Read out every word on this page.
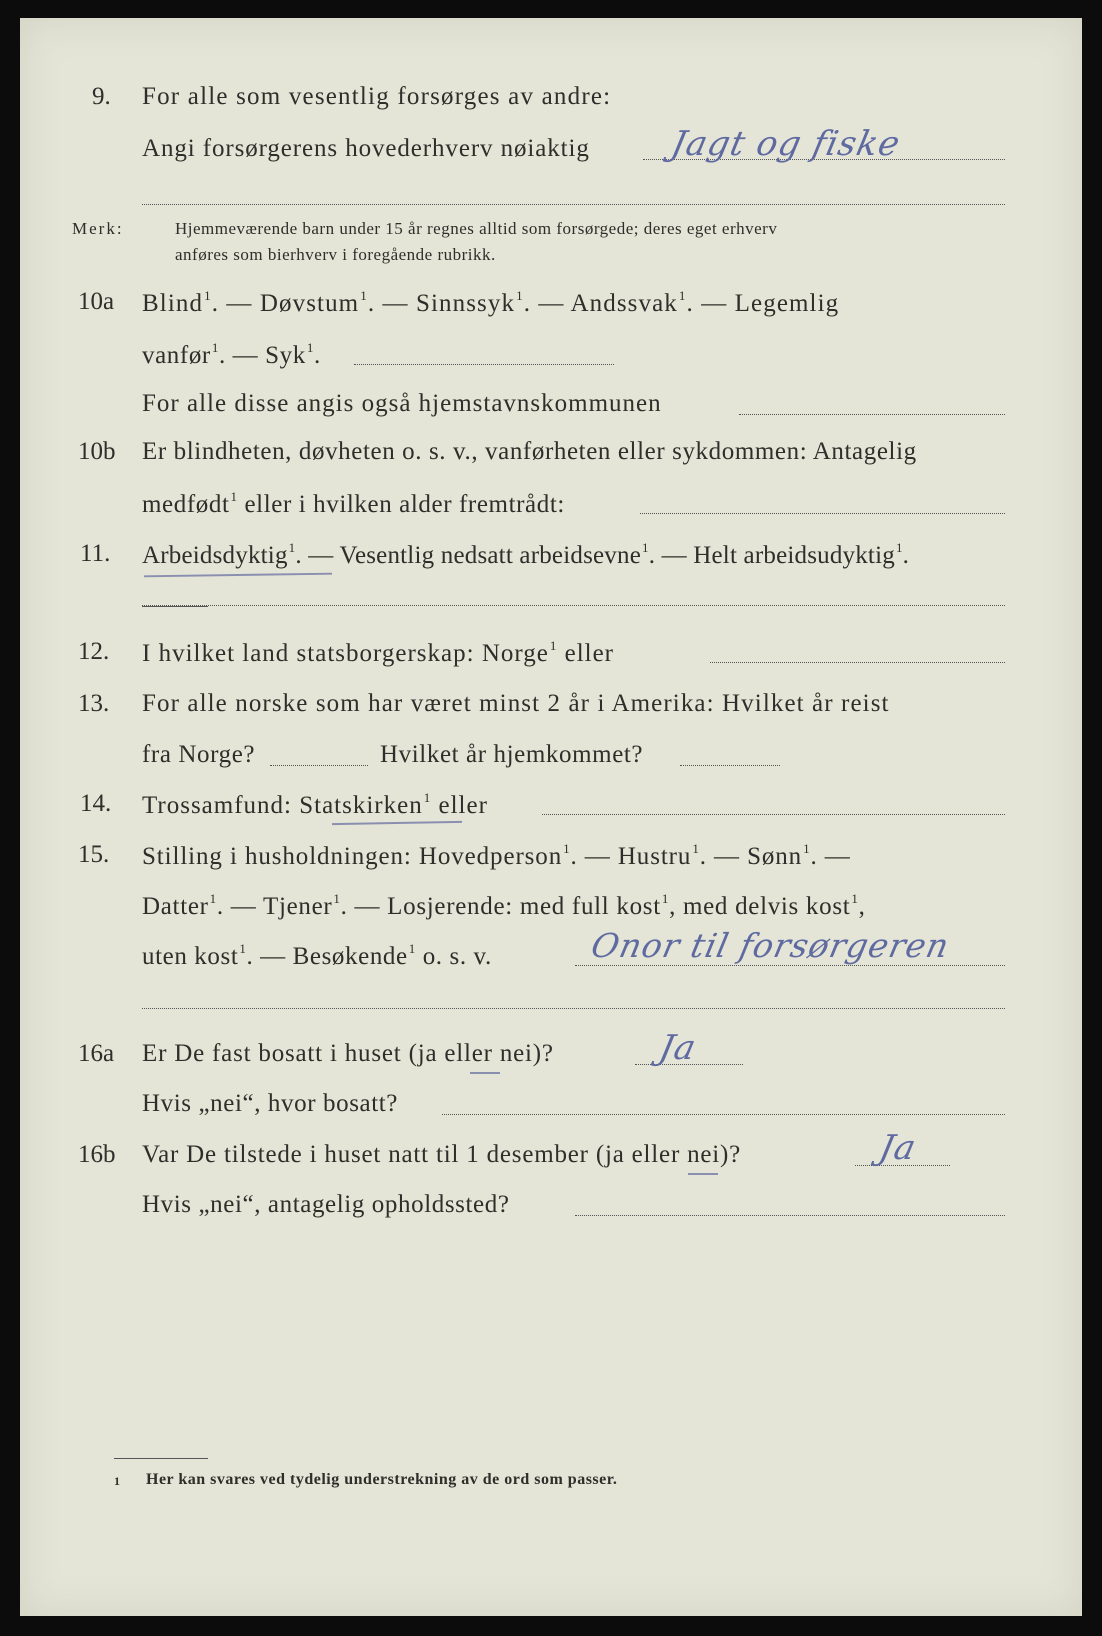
9. For alle som vesentlig forsørges av andre:
Angi forsørgerens hovederhverv nøiaktig Jagt og fiske
Merk:	Hjemmeværende barn under 15 år regnes alltid som forsørgede; deres eget erhverv
anføres som bierhverv i foregående rubrikk.
10a Blind$^1$. — Døvstum$^1$. — Sinnssyk$^1$. — Andssvak$^1$. — Legemlig
vanfør$^1$. — Syk$^1$.
For alle disse angis også hjemstavnskommunen
10b Er blindheten, døvheten o. s. v., vanførheten eller sykdommen: Antagelig
medfødt$^1$ eller i hvilken alder fremtrådt:
11. Arbeidsdyktig$^1$. — Vesentlig nedsatt arbeidsevne$^1$. — Helt arbeidsudyktig$^1$.
12. I hvilket land statsborgerskap: Norge$^1$ eller
13. For alle norske som har været minst 2 år i Amerika: Hvilket år reist
fra Norge?	Hvilket år hjemkommet?
14. Trossamfund: Statskirken$^1$ eller
15. Stilling i husholdningen: Hovedperson$^1$. — Hustru$^1$. — Sønn$^1$. —
Datter$^1$. — Tjener$^1$. — Losjerende: med full kost$^1$, med delvis kost$^1$,
uten kost$^1$. — Besøkende$^1$ o. s. v.	Onor til forsørgeren
16a Er De fast bosatt i huset (ja eller nei)?	Ja
Hvis „nei“, hvor bosatt?
16b Var De tilstede i huset natt til 1 desember (ja eller nei)?	Ja
Hvis „nei“, antagelig opholdssted?
1 Her kan svares ved tydelig understrekning av de ord som passer.
